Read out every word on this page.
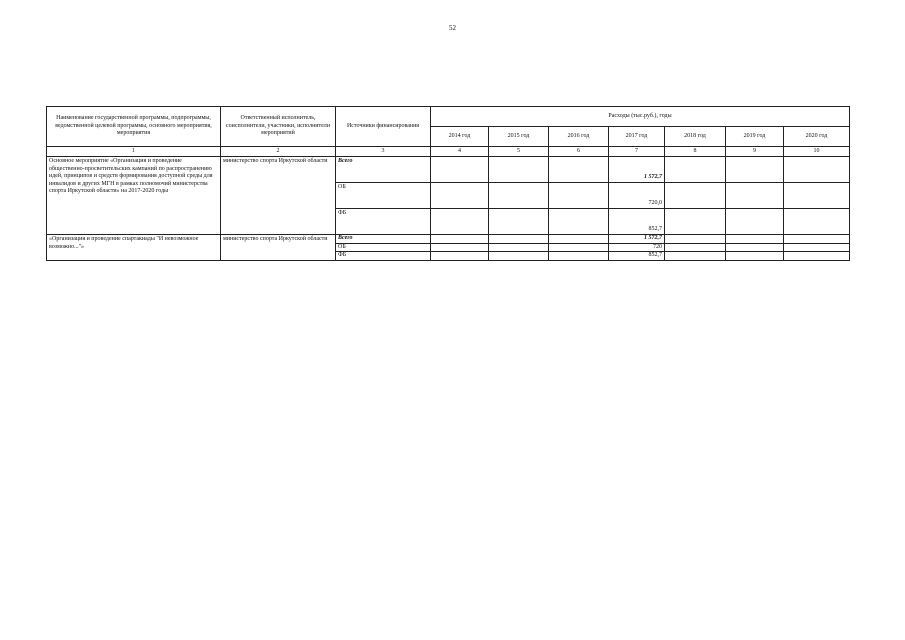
52
Наименование государственной программы, подпрограммы, ведомственной целевой программы, основного мероприятия, мероприятия	Ответственный исполнитель, соисполнители, участники, исполнители мероприятий	Источники финансирования	Расходы (тыс.руб.), годы						
			2014 год	2015 год	2016 год	2017 год	2018 год	2019 год	2020 год
1	2	3	4	5	6	7	8	9	10
Основное мероприятие «Организация и проведение общественно-просветительских кампаний по распространению идей, принципов и средств формирования доступной среды для инвалидов и других МГН в рамках полномочий министерства спорта Иркутской области» на 2017-2020 годы	министерство спорта Иркутской области	Всего				1 572,7			
		ОБ				720,0			
		ФБ				852,7			
«Организация и проведение спартакиады "И невозможное возможно..."»	министерство спорта Иркутской области	Всего				1 572,7			
		ОБ				720			
		ФБ				852,7			
